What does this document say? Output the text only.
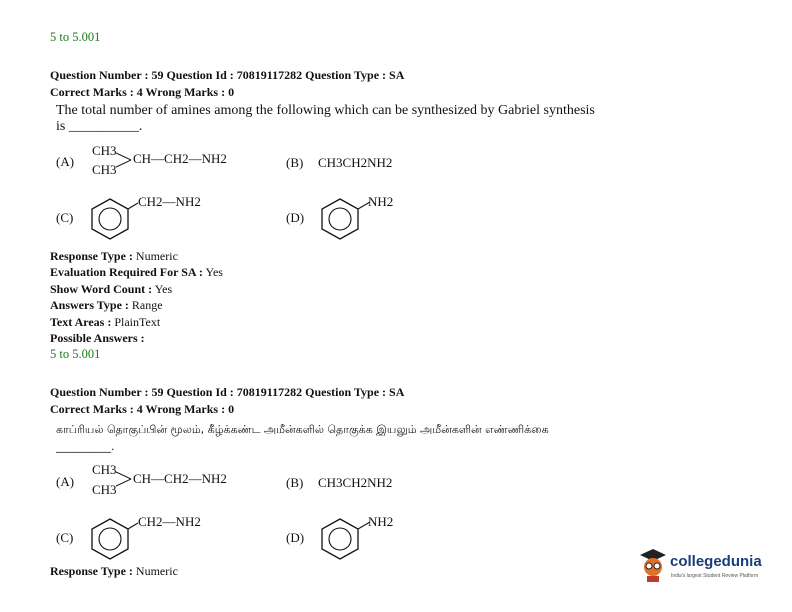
5 to 5.001
Question Number : 59 Question Id : 70819117282 Question Type : SA
Correct Marks : 4 Wrong Marks : 0
The total number of amines among the following which can be synthesized by Gabriel synthesis is __________.
(A)
CH3
CH3
CH—CH2—NH2	(B) CH3CH2NH2
(C)
CH2—NH2
(D)
NH2
Response Type : Numeric
Evaluation Required For SA : Yes
Show Word Count : Yes
Answers Type : Range
Text Areas : PlainText
Possible Answers :
5 to 5.001
Question Number : 59 Question Id : 70819117282 Question Type : SA
Correct Marks : 4 Wrong Marks : 0
காப்ரியல் தொகுப்பின் மூலம், கீழ்க்கண்ட அமீன்களில் தொகுக்க இயலும் அமீன்களின் எண்ணிக்கை __________.
(A)
CH3
CH3
CH—CH2—NH2	(B) CH3CH2NH2
(C)
CH2—NH2
(D)
NH2
Response Type : Numeric
collegedunia
India's largest Student Review Platform
